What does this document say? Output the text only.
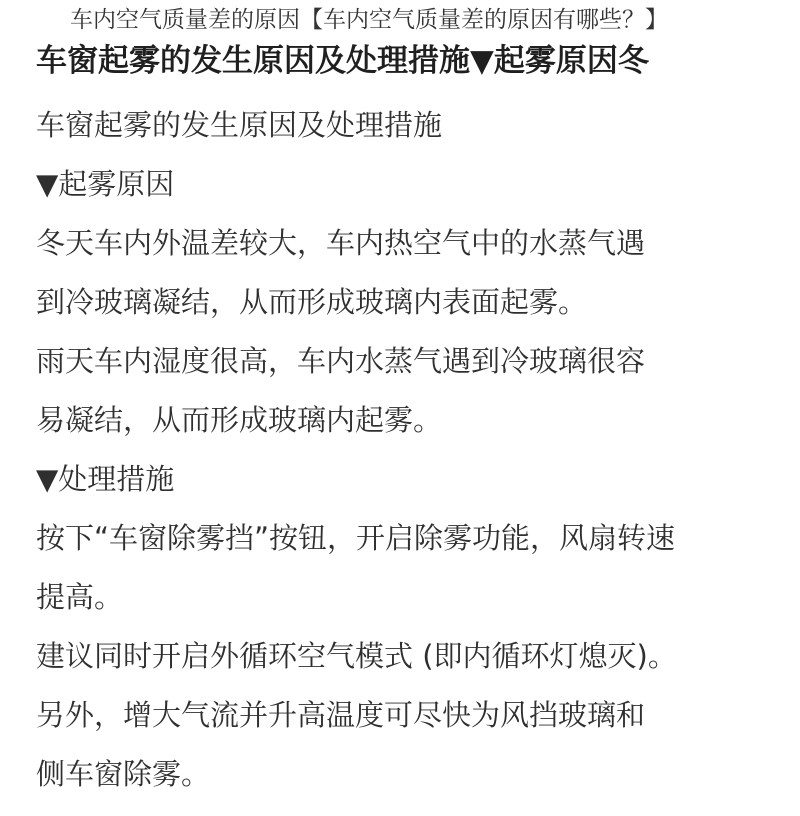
车内空气质量差的原因【车内空气质量差的原因有哪些？】
车窗起雾的发生原因及处理措施▼起雾原因冬
车窗起雾的发生原因及处理措施
▼起雾原因
冬天车内外温差较大，车内热空气中的水蒸气遇
到冷玻璃凝结，从而形成玻璃内表面起雾。
雨天车内湿度很高，车内水蒸气遇到冷玻璃很容
易凝结，从而形成玻璃内起雾。
▼处理措施
按下“车窗除雾挡”按钮，开启除雾功能，风扇转速
提高。
建议同时开启外循环空气模式 (即内循环灯熄灭)。
另外，增大气流并升高温度可尽快为风挡玻璃和
侧车窗除雾。
